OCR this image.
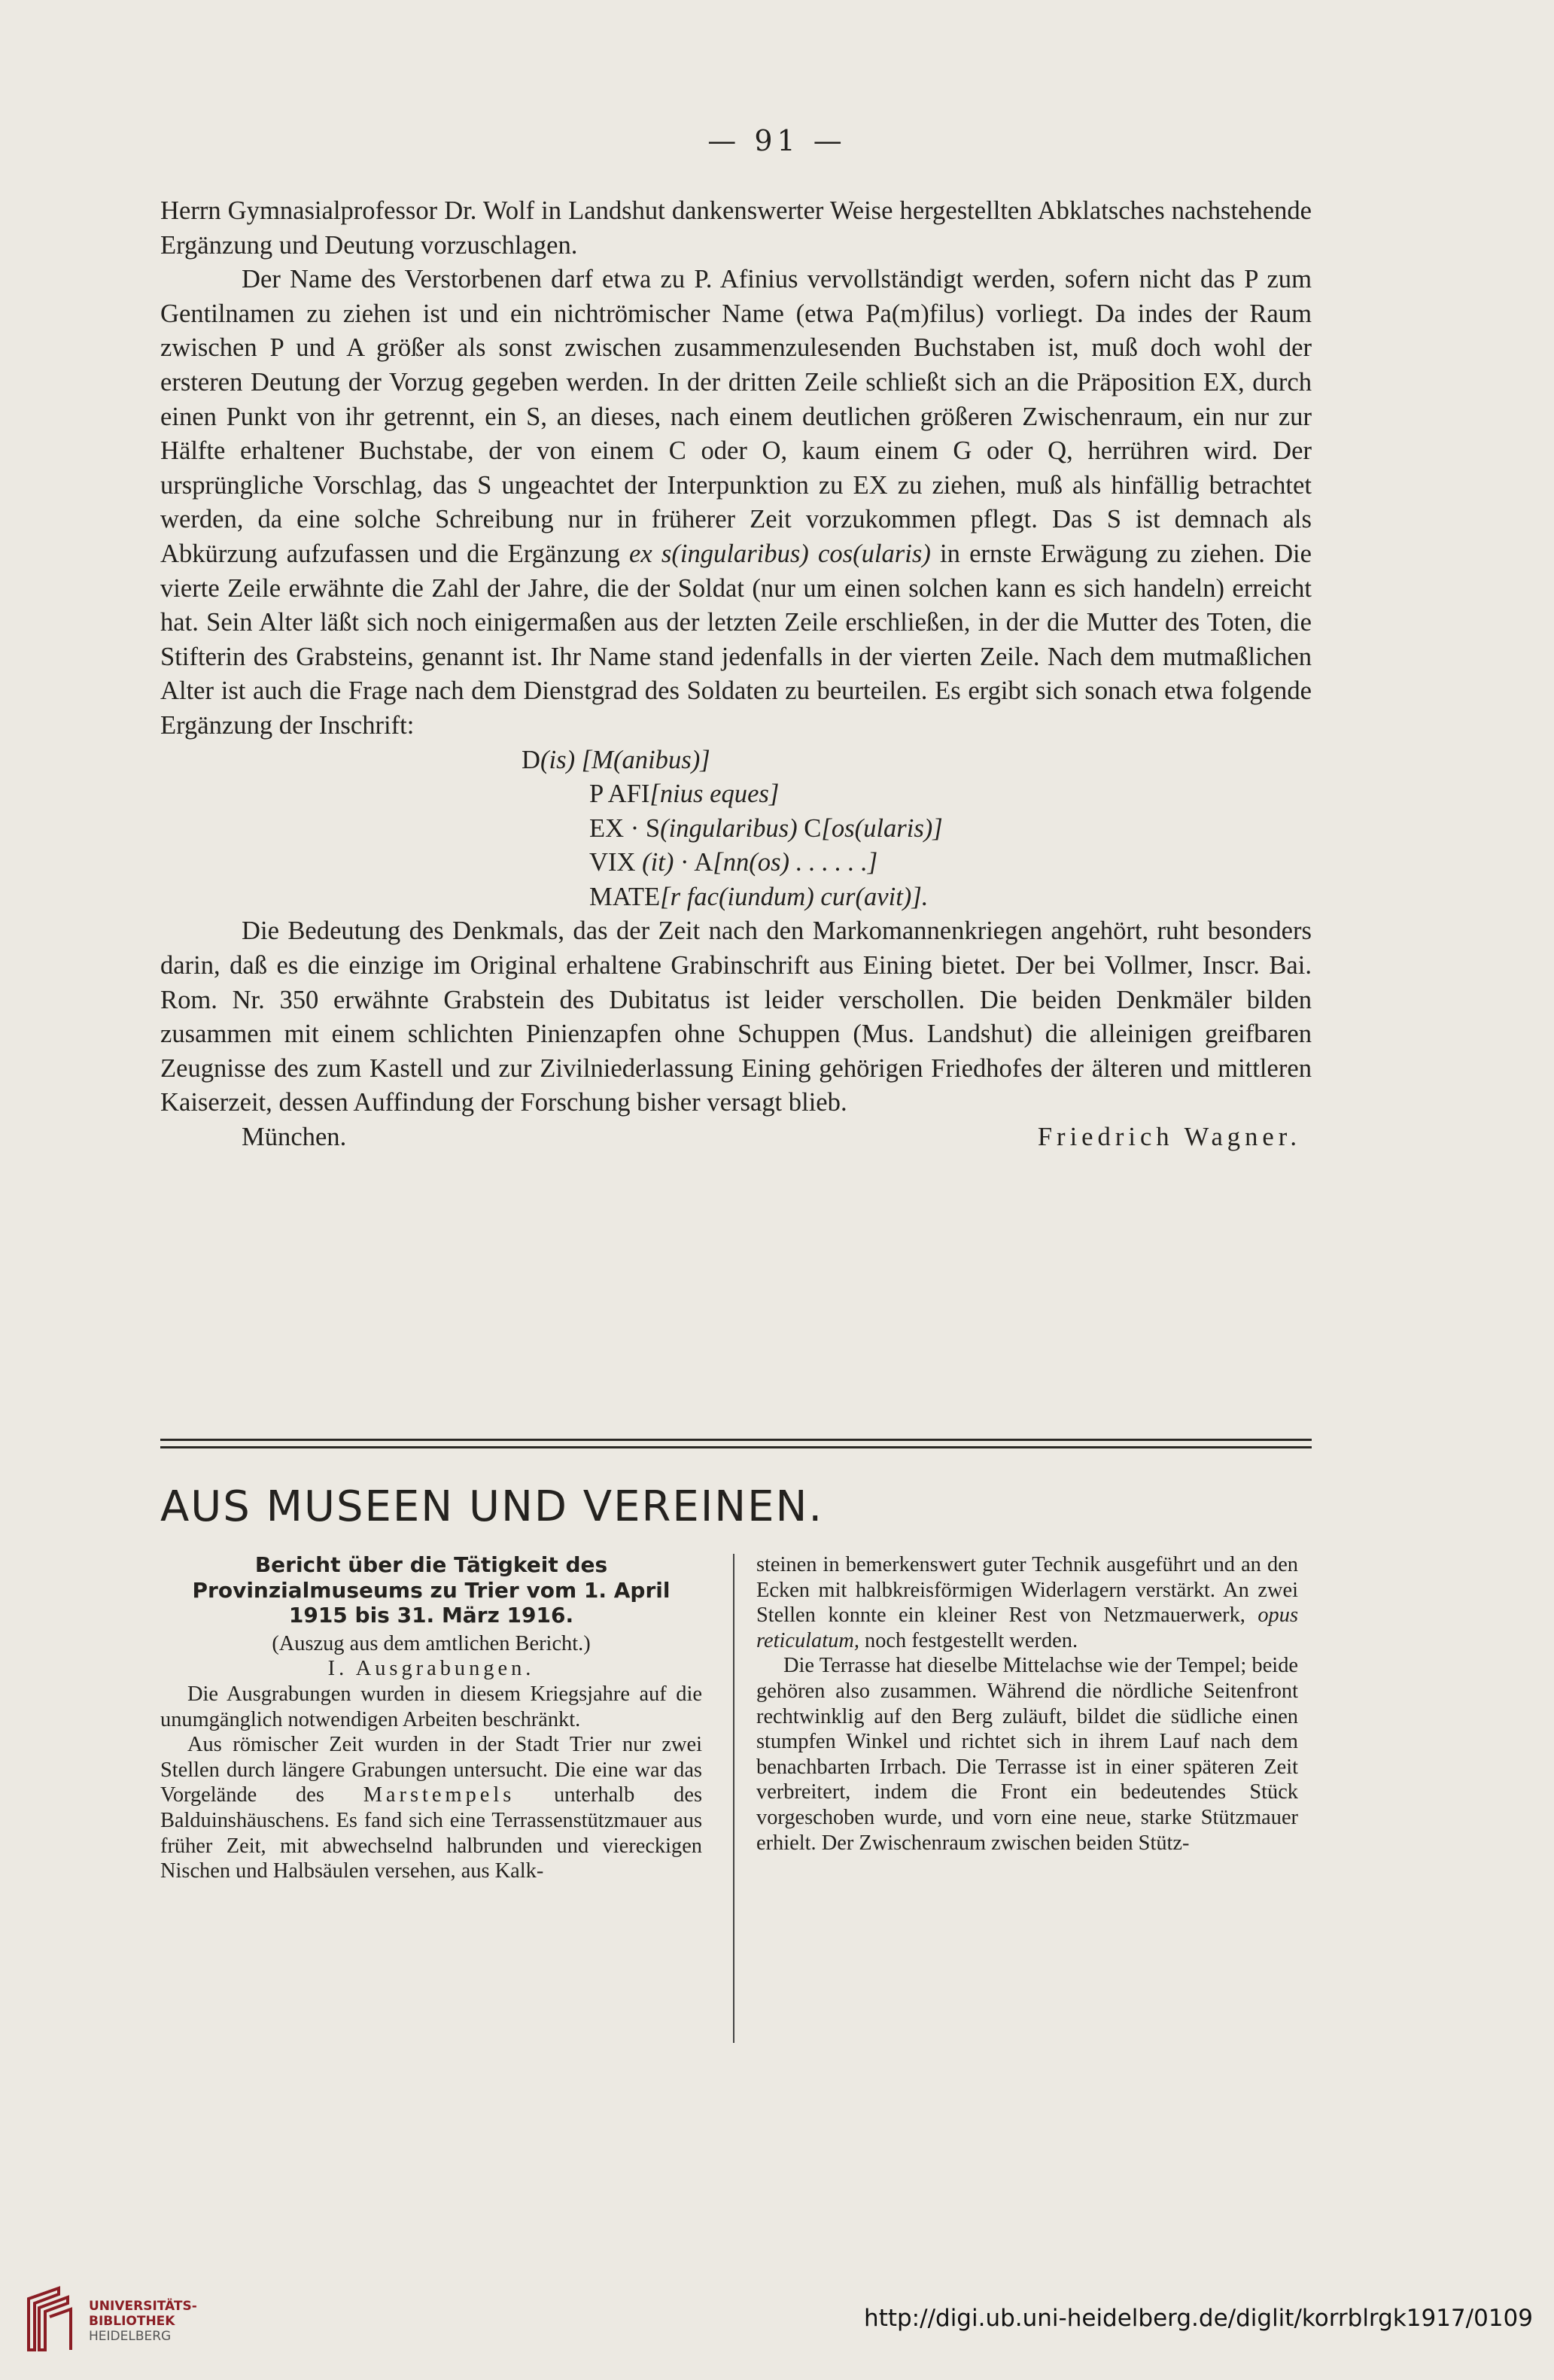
— 91 —

Herrn Gymnasialprofessor Dr. Wolf in Landshut dankenswerter Weise hergestellten Abklatsches nachstehende Ergänzung und Deutung vorzuschlagen.

Der Name des Verstorbenen darf etwa zu P. Afinius vervollständigt werden, sofern nicht das P zum Gentilnamen zu ziehen ist und ein nichtrömischer Name (etwa Pa(m)filus) vorliegt. Da indes der Raum zwischen P und A größer als sonst zwischen zusammenzulesenden Buchstaben ist, muß doch wohl der ersteren Deutung der Vorzug gegeben werden. In der dritten Zeile schließt sich an die Präposition EX, durch einen Punkt von ihr getrennt, ein S, an dieses, nach einem deutlichen größeren Zwischenraum, ein nur zur Hälfte erhaltener Buchstabe, der von einem C oder O, kaum einem G oder Q, herrühren wird. Der ursprüngliche Vorschlag, das S ungeachtet der Interpunktion zu EX zu ziehen, muß als hinfällig betrachtet werden, da eine solche Schreibung nur in früherer Zeit vorzukommen pflegt. Das S ist demnach als Abkürzung aufzufassen und die Ergänzung ex s(ingularibus) cos(ularis) in ernste Erwägung zu ziehen. Die vierte Zeile erwähnte die Zahl der Jahre, die der Soldat (nur um einen solchen kann es sich handeln) erreicht hat. Sein Alter läßt sich noch einigermaßen aus der letzten Zeile erschließen, in der die Mutter des Toten, die Stifterin des Grabsteins, genannt ist. Ihr Name stand jedenfalls in der vierten Zeile. Nach dem mutmaßlichen Alter ist auch die Frage nach dem Dienstgrad des Soldaten zu beurteilen. Es ergibt sich sonach etwa folgende Ergänzung der Inschrift:

D(is) [M(anibus)]
P AFI[nius eques]
EX · S(ingularibus) C[os(ularis)]
VIX (it) · A[nn(os) . . . . . .]
MATE[r fac(iundum) cur(avit)].

Die Bedeutung des Denkmals, das der Zeit nach den Markomannenkriegen angehört, ruht besonders darin, daß es die einzige im Original erhaltene Grabinschrift aus Eining bietet. Der bei Vollmer, Inscr. Bai. Rom. Nr. 350 erwähnte Grabstein des Dubitatus ist leider verschollen. Die beiden Denkmäler bilden zusammen mit einem schlichten Pinienzapfen ohne Schuppen (Mus. Landshut) die alleinigen greifbaren Zeugnisse des zum Kastell und zur Zivilniederlassung Eining gehörigen Friedhofes der älteren und mittleren Kaiserzeit, dessen Auffindung der Forschung bisher versagt blieb.

München.	Friedrich Wagner.
AUS MUSEEN UND VEREINEN.

Bericht über die Tätigkeit des Provinzialmuseums zu Trier vom 1. April 1915 bis 31. März 1916.

(Auszug aus dem amtlichen Bericht.)

I. Ausgrabungen.

Die Ausgrabungen wurden in diesem Kriegsjahre auf die unumgänglich notwendigen Arbeiten beschränkt.

Aus römischer Zeit wurden in der Stadt Trier nur zwei Stellen durch längere Grabungen untersucht. Die eine war das Vorgelände des Marstempels unterhalb des Balduinshäuschens. Es fand sich eine Terrassenstützmauer aus früher Zeit, mit abwechselnd halbrunden und viereckigen Nischen und Halbsäulen versehen, aus Kalk-

steinen in bemerkenswert guter Technik ausgeführt und an den Ecken mit halbkreisförmigen Widerlagern verstärkt. An zwei Stellen konnte ein kleiner Rest von Netzmauerwerk, opus reticulatum, noch festgestellt werden.

Die Terrasse hat dieselbe Mittelachse wie der Tempel; beide gehören also zusammen. Während die nördliche Seitenfront rechtwinklig auf den Berg zuläuft, bildet die südliche einen stumpfen Winkel und richtet sich in ihrem Lauf nach dem benachbarten Irrbach. Die Terrasse ist in einer späteren Zeit verbreitert, indem die Front ein bedeutendes Stück vorgeschoben wurde, und vorn eine neue, starke Stützmauer erhielt. Der Zwischenraum zwischen beiden Stütz-

UNIVERSITÄTS-
BIBLIOTHEK
HEIDELBERG
http://digi.ub.uni-heidelberg.de/diglit/korrblrgk1917/0109
